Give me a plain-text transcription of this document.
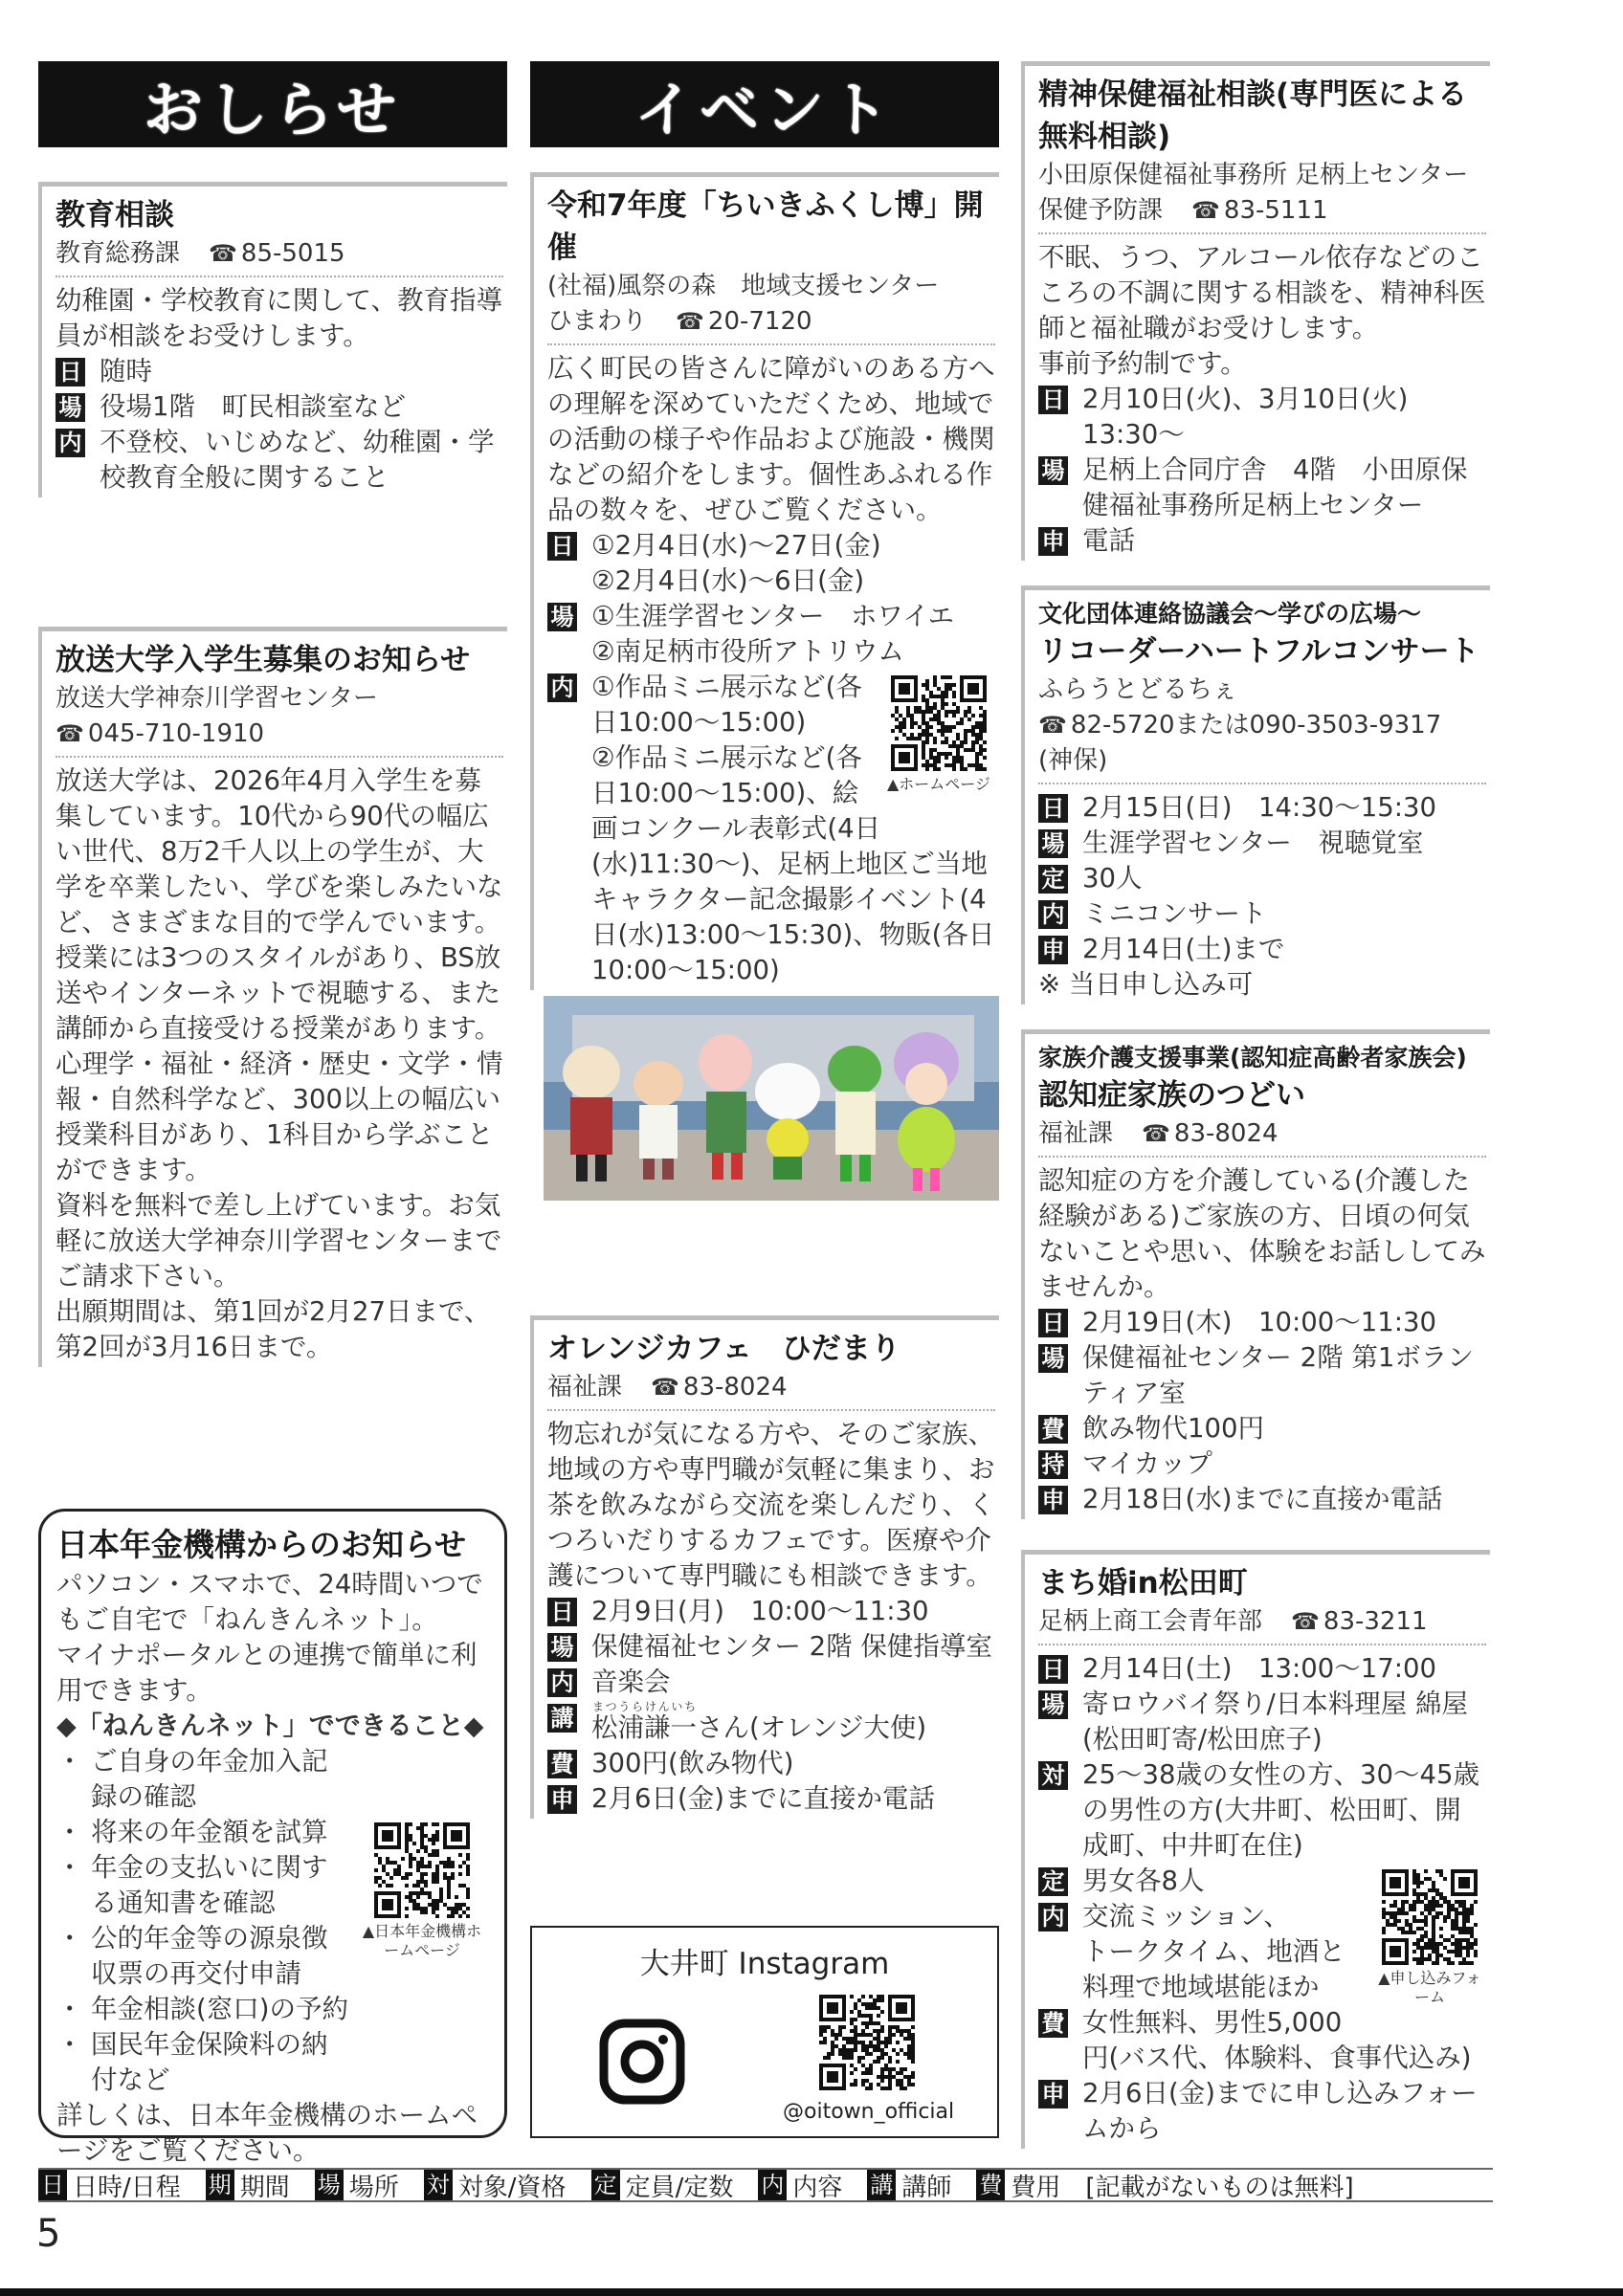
おしらせ	イベント
教育相談
教育総務課 ☎ 85-5015
幼稚園・学校教育に関して、教育指導員が相談をお受けします。
日 随時
場 役場1階　町民相談室など
内 不登校、いじめなど、幼稚園・学校教育全般に関すること
放送大学入学生募集のお知らせ
放送大学神奈川学習センター
☎ 045-710-1910
放送大学は、2026年4月入学生を募集しています。10代から90代の幅広い世代、8万2千人以上の学生が、大学を卒業したい、学びを楽しみたいなど、さまざまな目的で学んでいます。
授業には3つのスタイルがあり、BS放送やインターネットで視聴する、また講師から直接受ける授業があります。
心理学・福祉・経済・歴史・文学・情報・自然科学など、300以上の幅広い授業科目があり、1科目から学ぶことができます。
資料を無料で差し上げています。お気軽に放送大学神奈川学習センターまでご請求下さい。
出願期間は、第1回が2月27日まで、第2回が3月16日まで。
日本年金機構からのお知らせ
パソコン・スマホで、24時間いつでもご自宅で「ねんきんネット」。
マイナポータルとの連携で簡単に利用できます。
◆「ねんきんネット」でできること◆
▲日本年金機構ホームページ
・ ご自身の年金加入記録の確認
・ 将来の年金額を試算
・ 年金の支払いに関する通知書を確認
・ 公的年金等の源泉徴収票の再交付申請
・ 年金相談(窓口)の予約
・ 国民年金保険料の納付など
詳しくは、日本年金機構のホームページをご覧ください。
令和7年度「ちいきふくし博」開催
(社福)風祭の森　地域支援センター
ひまわり ☎ 20-7120
広く町民の皆さんに障がいのある方への理解を深めていただくため、地域での活動の様子や作品および施設・機関などの紹介をします。個性あふれる作品の数々を、ぜひご覧ください。
日 ①2月4日(水)～27日(金)
②2月4日(水)～6日(金)
場 ①生涯学習センター　ホワイエ
②南足柄市役所アトリウム
▲ホームページ
内 ①作品ミニ展示など(各日10:00～15:00)
②作品ミニ展示など(各日10:00～15:00)、絵画コンクール表彰式(4日(水)11:30～)、足柄上地区ご当地キャラクター記念撮影イベント(4日(水)13:00～15:30)、物販(各日10:00～15:00)
オレンジカフェ　ひだまり
福祉課 ☎ 83-8024
物忘れが気になる方や、そのご家族、地域の方や専門職が気軽に集まり、お茶を飲みながら交流を楽しんだり、くつろいだりするカフェです。医療や介護について専門職にも相談できます。
日 2月9日(月)　10:00～11:30
場 保健福祉センター 2階 保健指導室
内 音楽会
講 松浦謙一まつうらけんいちさん(オレンジ大使)
費 300円(飲み物代)
申 2月6日(金)までに直接か電話
大井町 Instagram
@oitown_official
精神保健福祉相談(専門医による無料相談)
小田原保健福祉事務所 足柄上センター
保健予防課 ☎ 83-5111
不眠、うつ、アルコール依存などのこころの不調に関する相談を、精神科医師と福祉職がお受けします。
事前予約制です。
日 2月10日(火)、3月10日(火)
13:30～
場 足柄上合同庁舎　4階　小田原保健福祉事務所足柄上センター
申 電話
文化団体連絡協議会～学びの広場～
リコーダーハートフルコンサート
ふらうとどるちぇ
☎ 82-5720または090-3503-9317
(神保)
日 2月15日(日)　14:30～15:30
場 生涯学習センター　視聴覚室
定 30人
内 ミニコンサート
申 2月14日(土)まで
※ 当日申し込み可
家族介護支援事業(認知症高齢者家族会)
認知症家族のつどい
福祉課 ☎ 83-8024
認知症の方を介護している(介護した経験がある)ご家族の方、日頃の何気ないことや思い、体験をお話ししてみませんか。
日 2月19日(木)　10:00～11:30
場 保健福祉センター 2階 第1ボランティア室
費 飲み物代100円
持 マイカップ
申 2月18日(水)までに直接か電話
まち婚in松田町
足柄上商工会青年部 ☎ 83-3211
日 2月14日(土)　13:00～17:00
場 寄ロウバイ祭り/日本料理屋 綿屋
(松田町寄/松田庶子)
対 25～38歳の女性の方、30～45歳の男性の方(大井町、松田町、開成町、中井町在住)
▲申し込みフォーム
定 男女各8人
内 交流ミッション、
トークタイム、地酒と
料理で地域堪能ほか
費 女性無料、男性5,000円(バス代、体験料、食事代込み)
申 2月6日(金)までに申し込みフォームから
日 日時/日程 期 期間 場 場所 対 対象/資格 定 定員/定数 内 内容 講 講師 費 費用 [記載がないものは無料]
5
